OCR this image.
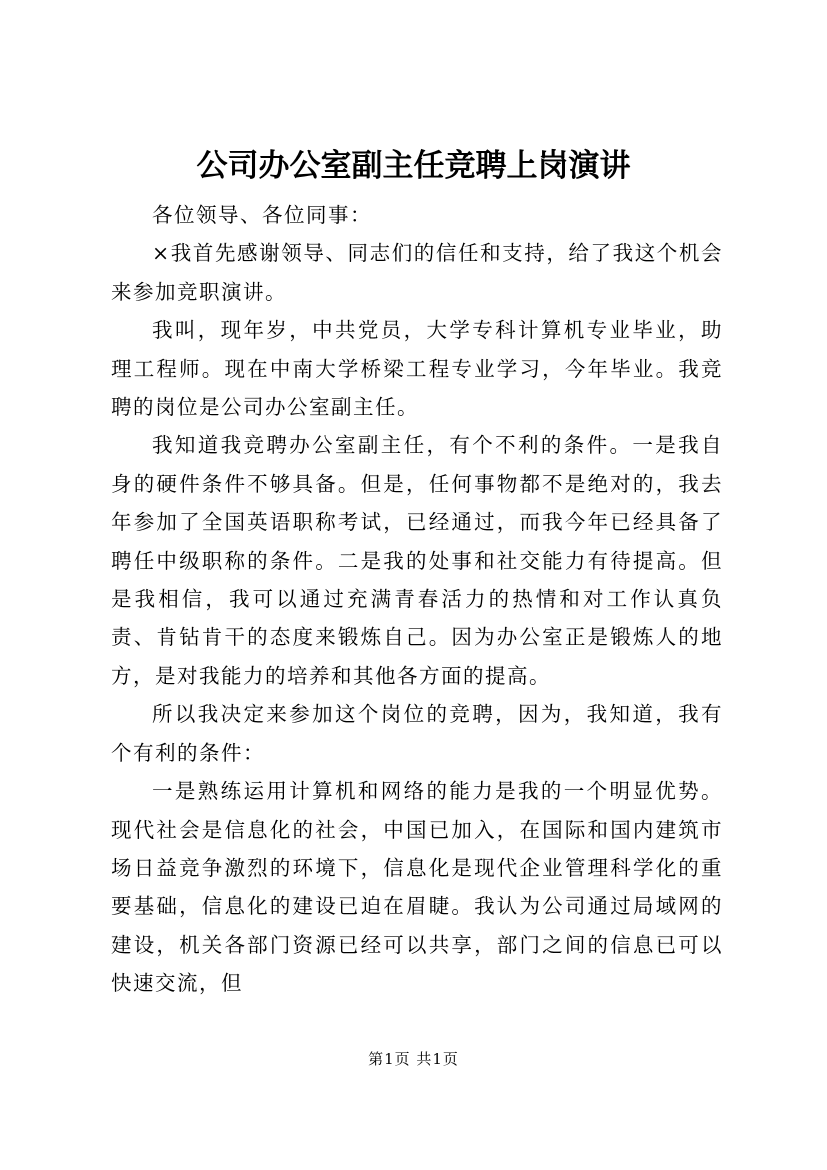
公司办公室副主任竞聘上岗演讲

各位领导、各位同事：

×我首先感谢领导、同志们的信任和支持，给了我这个机会来参加竞职演讲。

我叫，现年岁，中共党员，大学专科计算机专业毕业，助理工程师。现在中南大学桥梁工程专业学习，今年毕业。我竞聘的岗位是公司办公室副主任。

我知道我竞聘办公室副主任，有个不利的条件。一是我自身的硬件条件不够具备。但是，任何事物都不是绝对的，我去年参加了全国英语职称考试，已经通过，而我今年已经具备了聘任中级职称的条件。二是我的处事和社交能力有待提高。但是我相信，我可以通过充满青春活力的热情和对工作认真负责、肯钻肯干的态度来锻炼自己。因为办公室正是锻炼人的地方，是对我能力的培养和其他各方面的提高。

所以我决定来参加这个岗位的竞聘，因为，我知道，我有个有利的条件：

一是熟练运用计算机和网络的能力是我的一个明显优势。现代社会是信息化的社会，中国已加入，在国际和国内建筑市场日益竞争激烈的环境下，信息化是现代企业管理科学化的重要基础，信息化的建设已迫在眉睫。我认为公司通过局域网的建设，机关各部门资源已经可以共享，部门之间的信息已可以快速交流，但

第1页 共1页
